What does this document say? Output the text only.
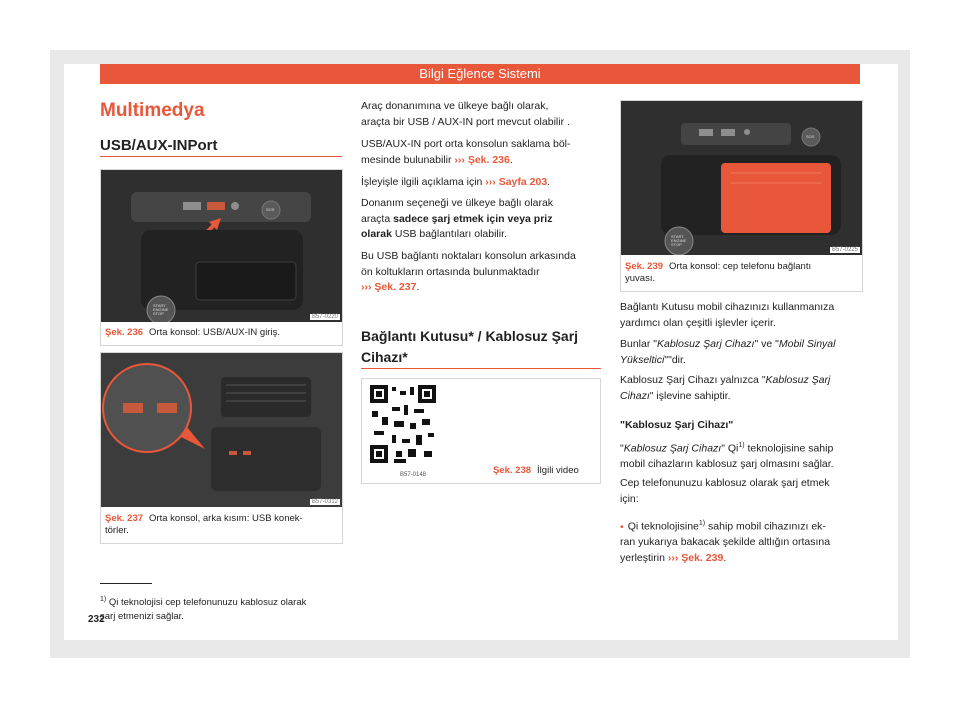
Bilgi Eğlence Sistemi
Multimedya
USB/AUX-INPort
START
ENGINE
STOP
SOS
B57-0220
Şek. 236 Orta konsol: USB/AUX-IN giriş.
B57-0312
Şek. 237 Orta konsol, arka kısım: USB konek-
törler.
Araç donanımına ve ülkeye bağlı olarak,
araçta bir USB / AUX-IN port mevcut olabilir .
USB/AUX-IN port orta konsolun saklama böl-
mesinde bulunabilir ››› Şek. 236.
İşleyişle ilgili açıklama için ››› Sayfa 203.
Donanım seçeneği ve ülkeye bağlı olarak
araçta sadece şarj etmek için veya priz
olarak USB bağlantıları olabilir.
Bu USB bağlantı noktaları konsolun arkasında
ön koltukların ortasında bulunmaktadır
››› Şek. 237.
Bağlantı Kutusu* / Kablosuz Şarj
Cihazı*
B57-0148	Şek. 238 İlgili video
START
ENGINE
STOP
SOS
B57-0225
Şek. 239 Orta konsol: cep telefonu bağlantı
yuvası.
Bağlantı Kutusu mobil cihazınızı kullanmanıza
yardımcı olan çeşitli işlevler içerir.
Bunlar "Kablosuz Şarj Cihazı" ve "Mobil Sinyal
Yükseltici""dir.
Kablosuz Şarj Cihazı yalnızca "Kablosuz Şarj
Cihazı" işlevine sahiptir.
"Kablosuz Şarj Cihazı"
"Kablosuz Şarj Cihazı" Qi$^{1)}$ teknolojisine sahip
mobil cihazların kablosuz şarj olmasını sağlar.
Cep telefonunuzu kablosuz olarak şarj etmek
için:
• Qi teknolojisine$^{1)}$ sahip mobil cihazınızı ek-
ran yukarıya bakacak şekilde altlığın ortasına
yerleştirin ››› Şek. 239.
$^{1)}$ Qi teknolojisi cep telefonunuzu kablosuz olarak
şarj etmenizi sağlar.
232
